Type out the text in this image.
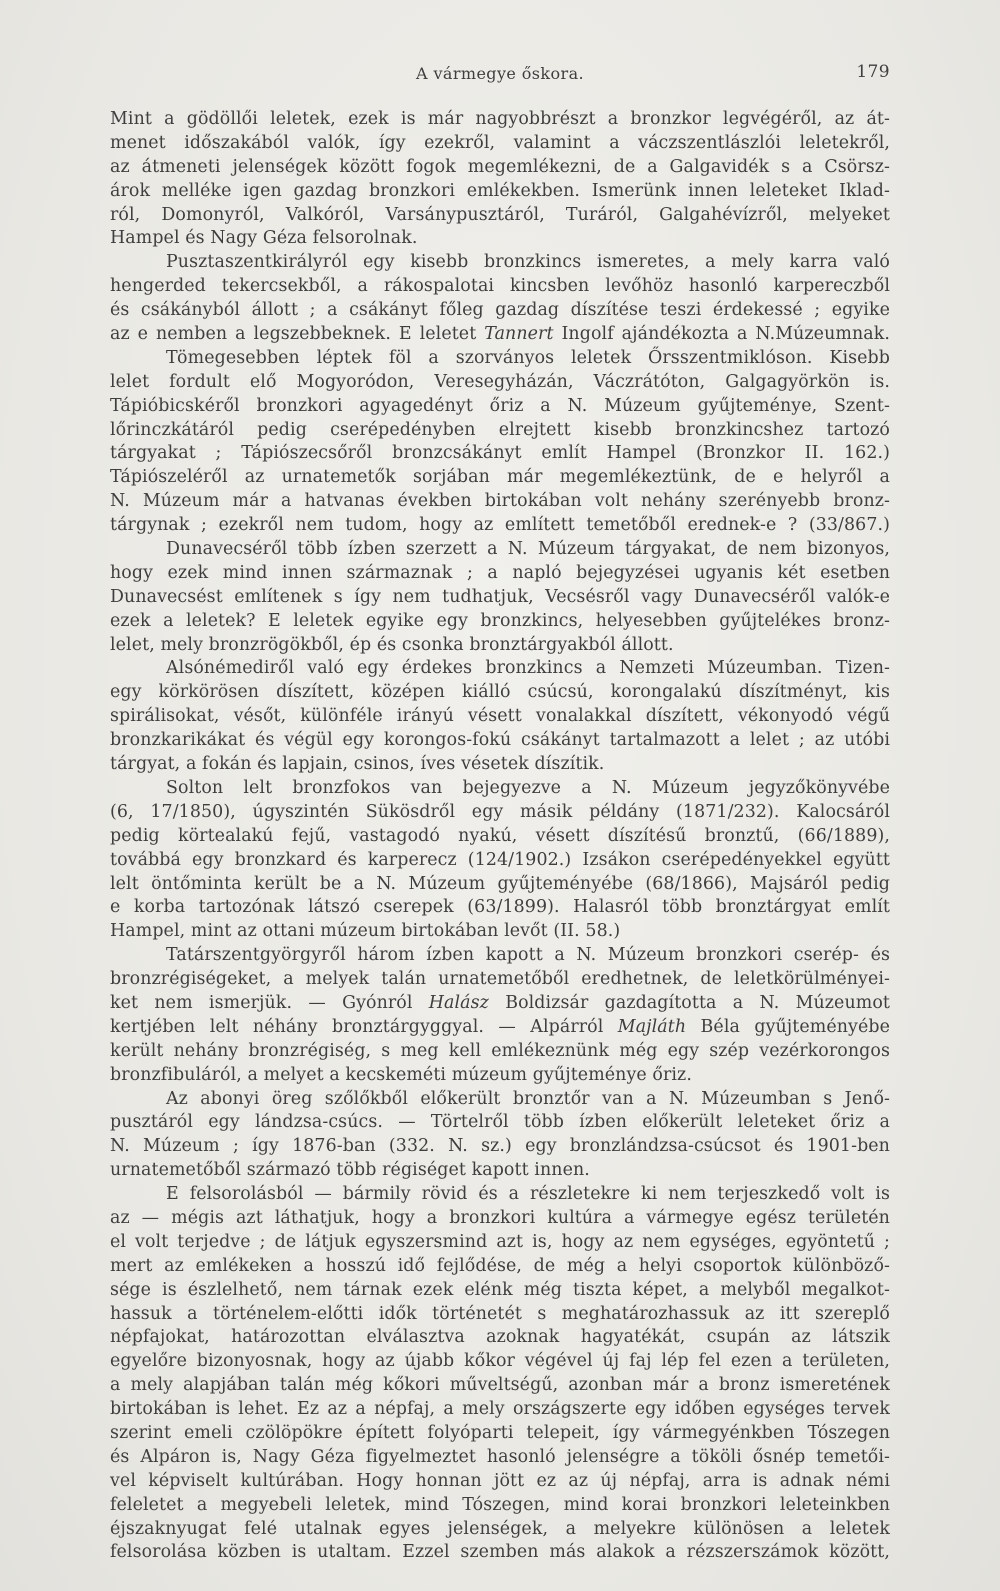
A vármegye őskora.	179
Mint a gödöllői leletek, ezek is már nagyobbrészt a bronzkor legvégéről, az át-
menet időszakából valók, így ezekről, valamint a váczszentlászlói leletekről,
az átmeneti jelenségek között fogok megemlékezni, de a Galgavidék s a Csörsz-
árok melléke igen gazdag bronzkori emlékekben. Ismerünk innen leleteket Iklad-
ról, Domonyról, Valkóról, Varsánypusztáról, Turáról, Galgahévízről, melyeket
Hampel és Nagy Géza felsorolnak.
Pusztaszentkirályról egy kisebb bronzkincs ismeretes, a mely karra való
hengerded tekercsekből, a rákospalotai kincsben levőhöz hasonló karpereczből
és csákányból állott ; a csákányt főleg gazdag díszítése teszi érdekessé ; egyike
az e nemben a legszebbeknek. E leletet Tannert Ingolf ajándékozta a N.Múzeumnak.
Tömegesebben léptek föl a szorványos leletek Őrsszentmiklóson. Kisebb
lelet fordult elő Mogyoródon, Veresegyházán, Váczrátóton, Galgagyörkön is.
Tápióbicskéről bronzkori agyagedényt őriz a N. Múzeum gyűjteménye, Szent-
lőrinczkátáról pedig cserépedényben elrejtett kisebb bronzkincshez tartozó
tárgyakat ; Tápiószecsőről bronzcsákányt említ Hampel (Bronzkor II. 162.)
Tápiószeléről az urnatemetők sorjában már megemlékeztünk, de e helyről a
N. Múzeum már a hatvanas években birtokában volt nehány szerényebb bronz-
tárgynak ; ezekről nem tudom, hogy az említett temetőből erednek-e ? (33/867.)
Dunavecséről több ízben szerzett a N. Múzeum tárgyakat, de nem bizonyos,
hogy ezek mind innen származnak ; a napló bejegyzései ugyanis két esetben
Dunavecsést említenek s így nem tudhatjuk, Vecsésről vagy Dunavecséről valók-e
ezek a leletek? E leletek egyike egy bronzkincs, helyesebben gyűjtelékes bronz-
lelet, mely bronzrögökből, ép és csonka bronztárgyakból állott.
Alsónémediről való egy érdekes bronzkincs a Nemzeti Múzeumban. Tizen-
egy körkörösen díszített, középen kiálló csúcsú, korongalakú díszítményt, kis
spirálisokat, vésőt, különféle irányú vésett vonalakkal díszített, vékonyodó végű
bronzkarikákat és végül egy korongos-fokú csákányt tartalmazott a lelet ; az utóbi
tárgyat, a fokán és lapjain, csinos, íves vésetek díszítik.
Solton lelt bronzfokos van bejegyezve a N. Múzeum jegyzőkönyvébe
(6, 17/1850), úgyszintén Sükösdről egy másik példány (1871/232). Kalocsáról
pedig körtealakú fejű, vastagodó nyakú, vésett díszítésű bronztű, (66/1889),
továbbá egy bronzkard és karperecz (124/1902.) Izsákon cserépedényekkel együtt
lelt öntőminta került be a N. Múzeum gyűjteményébe (68/1866), Majsáról pedig
e korba tartozónak látszó cserepek (63/1899). Halasról több bronztárgyat említ
Hampel, mint az ottani múzeum birtokában levőt (II. 58.)
Tatárszentgyörgyről három ízben kapott a N. Múzeum bronzkori cserép- és
bronzrégiségeket, a melyek talán urnatemetőből eredhetnek, de leletkörülményei-
ket nem ismerjük. — Gyónról Halász Boldizsár gazdagította a N. Múzeumot
kertjében lelt néhány bronztárgyggyal. — Alpárról Majláth Béla gyűjteményébe
került nehány bronzrégiség, s meg kell emlékeznünk még egy szép vezérkorongos
bronzfibuláról, a melyet a kecskeméti múzeum gyűjteménye őriz.
Az abonyi öreg szőlőkből előkerült bronztőr van a N. Múzeumban s Jenő-
pusztáról egy lándzsa-csúcs. — Törtelről több ízben előkerült leleteket őriz a
N. Múzeum ; így 1876-ban (332. N. sz.) egy bronzlándzsa-csúcsot és 1901-ben
urnatemetőből származó több régiséget kapott innen.
E felsorolásból — bármily rövid és a részletekre ki nem terjeszkedő volt is
az — mégis azt láthatjuk, hogy a bronzkori kultúra a vármegye egész területén
el volt terjedve ; de látjuk egyszersmind azt is, hogy az nem egységes, egyöntetű ;
mert az emlékeken a hosszú idő fejlődése, de még a helyi csoportok különböző-
sége is észlelhető, nem tárnak ezek elénk még tiszta képet, a melyből megalkot-
hassuk a történelem-előtti idők történetét s meghatározhassuk az itt szereplő
népfajokat, határozottan elválasztva azoknak hagyatékát, csupán az látszik
egyelőre bizonyosnak, hogy az újabb kőkor végével új faj lép fel ezen a területen,
a mely alapjában talán még kőkori műveltségű, azonban már a bronz ismeretének
birtokában is lehet. Ez az a népfaj, a mely országszerte egy időben egységes tervek
szerint emeli czölöpökre épített folyóparti telepeit, így vármegyénkben Tószegen
és Alpáron is, Nagy Géza figyelmeztet hasonló jelenségre a tököli ősnép temetői-
vel képviselt kultúrában. Hogy honnan jött ez az új népfaj, arra is adnak némi
feleletet a megyebeli leletek, mind Tószegen, mind korai bronzkori leleteinkben
éjszaknyugat felé utalnak egyes jelenségek, a melyekre különösen a leletek
felsorolása közben is utaltam. Ezzel szemben más alakok a rézszerszámok között,
